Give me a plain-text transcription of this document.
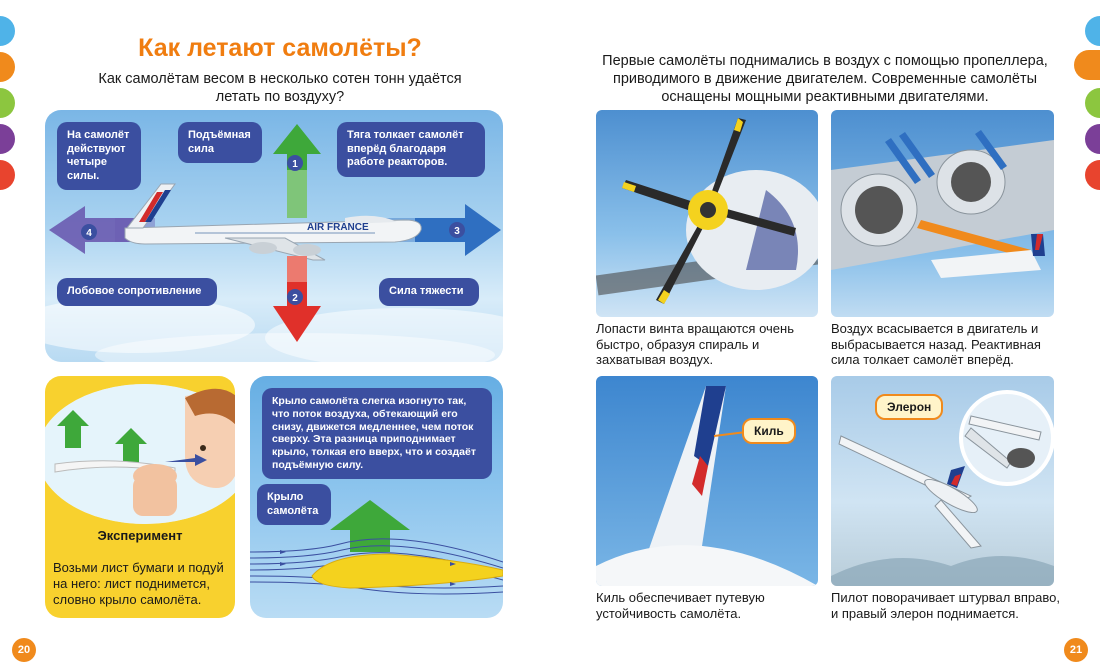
Как летают самолёты?
Как самолётам весом в несколько сотен тонн удаётся летать по воздуху?
AIR FRANCE
1
2
3
4
На самолёт действуют четыре силы.
Подъёмная сила
Тяга толкает самолёт вперёд благодаря работе реакторов.
Лобовое сопротивление	Сила тяжести
Эксперимент
Возьми лист бумаги и подуй на него: лист поднимется, словно крыло самолёта.
Крыло самолёта слегка изогнуто так, что поток воздуха, обтекающий его снизу, движется медленнее, чем поток сверху. Эта разница приподнимает крыло, толкая его вверх, что и создаёт подъёмную силу.
Крыло самолёта
20
Первые самолёты поднимались в воздух с помощью пропеллера, приводимого в движение двигателем. Современные самолёты оснащены мощными реактивными двигателями.
Лопасти винта вращаются очень быстро, образуя спираль и захватывая воздух.
Воздух всасывается в двигатель и выбрасывается назад. Реактивная сила толкает самолёт вперёд.
Киль
Киль обеспечивает путевую устойчивость самолёта.
Элерон
Пилот поворачивает штурвал вправо, и правый элерон поднимается.
21
